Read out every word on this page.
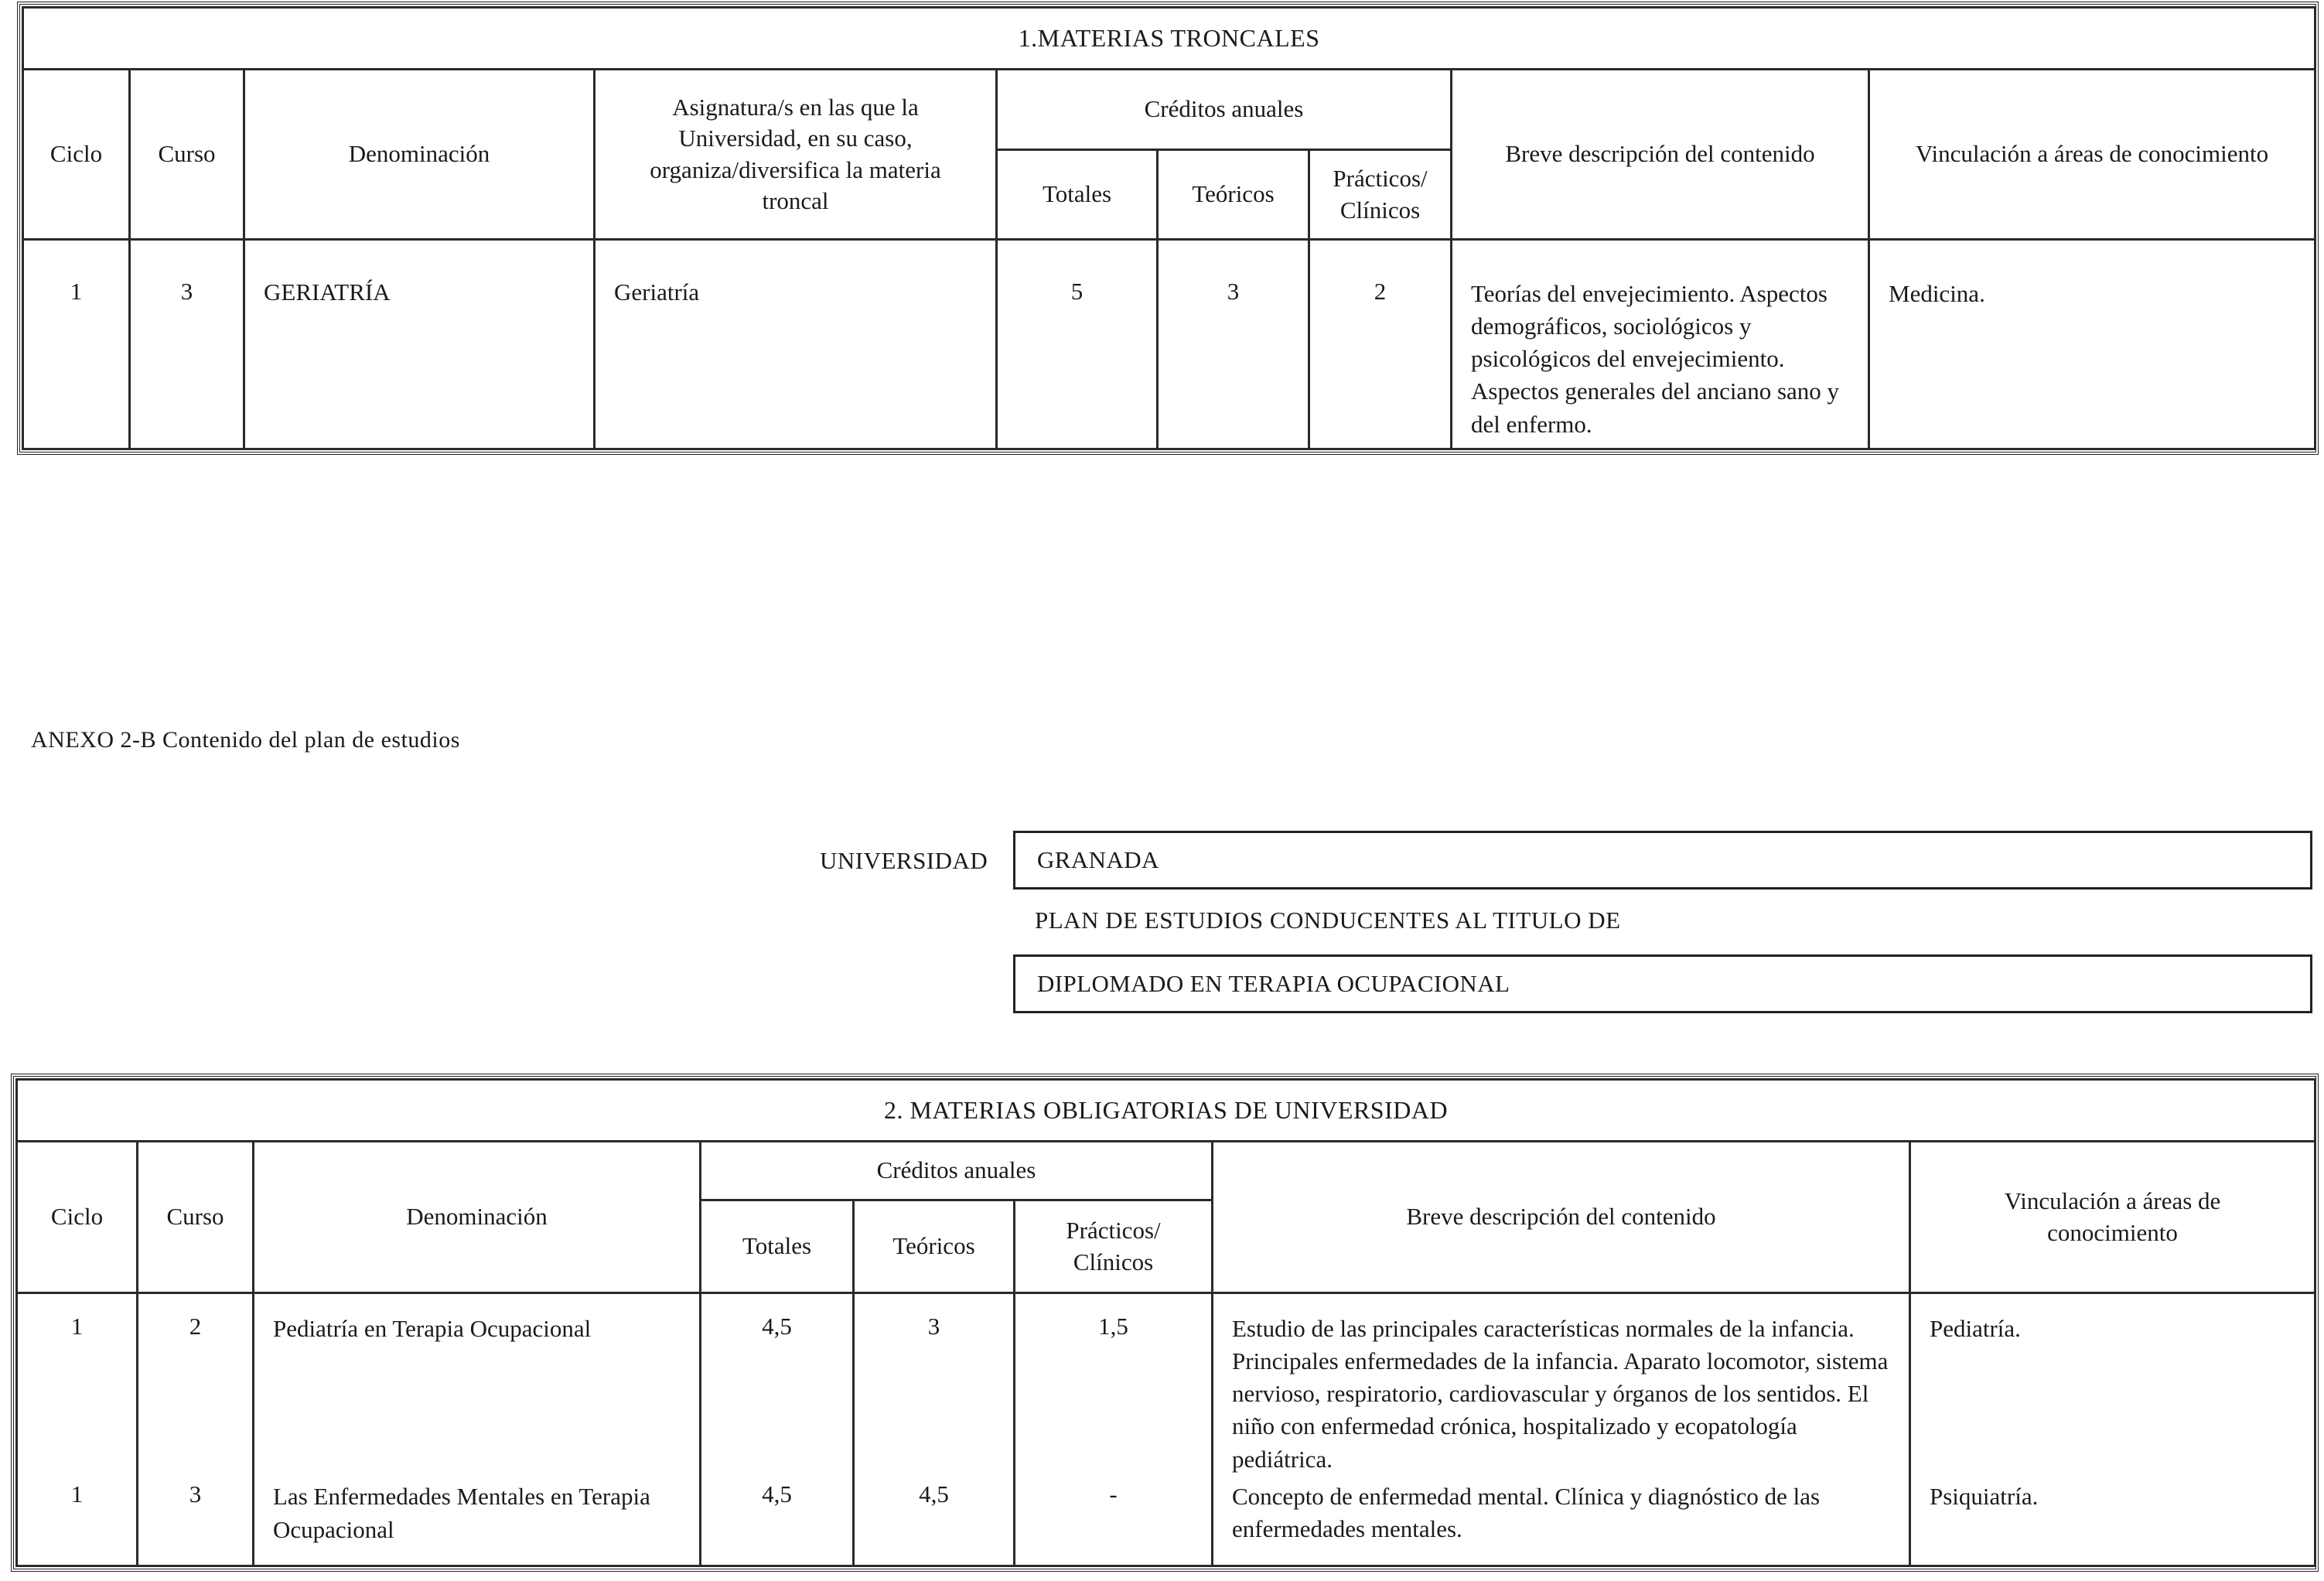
1.MATERIAS TRONCALES								
Ciclo	Curso	Denominación	Asignatura/s en las que la Universidad, en su caso, organiza/diversifica la materia troncal	Créditos anuales			Breve descripción del contenido	Vinculación a áreas de conocimiento
				Totales	Teóricos	Prácticos/ Clínicos		
1	3	GERIATRÍA	Geriatría	5	3	2	Teorías del envejecimiento. Aspectos demográficos, sociológicos y psicológicos del envejecimiento. Aspectos generales del anciano sano y del enfermo.	Medicina.
ANEXO 2-B Contenido del plan de estudios
UNIVERSIDAD	GRANADA
PLAN DE ESTUDIOS CONDUCENTES AL TITULO DE
DIPLOMADO EN TERAPIA OCUPACIONAL
2. MATERIAS OBLIGATORIAS DE UNIVERSIDAD							
Ciclo	Curso	Denominación	Créditos anuales			Breve descripción del contenido	Vinculación a áreas de conocimiento
			Totales	Teóricos	Prácticos/ Clínicos		
1	2	Pediatría en Terapia Ocupacional	4,5	3	1,5	Estudio de las principales características normales de la infancia. Principales enfermedades de la infancia. Aparato locomotor, sistema nervioso, respiratorio, cardiovascular y órganos de los sentidos. El niño con enfermedad crónica, hospitalizado y ecopatología pediátrica.	Pediatría.
1	3	Las Enfermedades Mentales en Terapia Ocupacional	4,5	4,5	-	Concepto de enfermedad mental. Clínica y diagnóstico de las enfermedades mentales.	Psiquiatría.
